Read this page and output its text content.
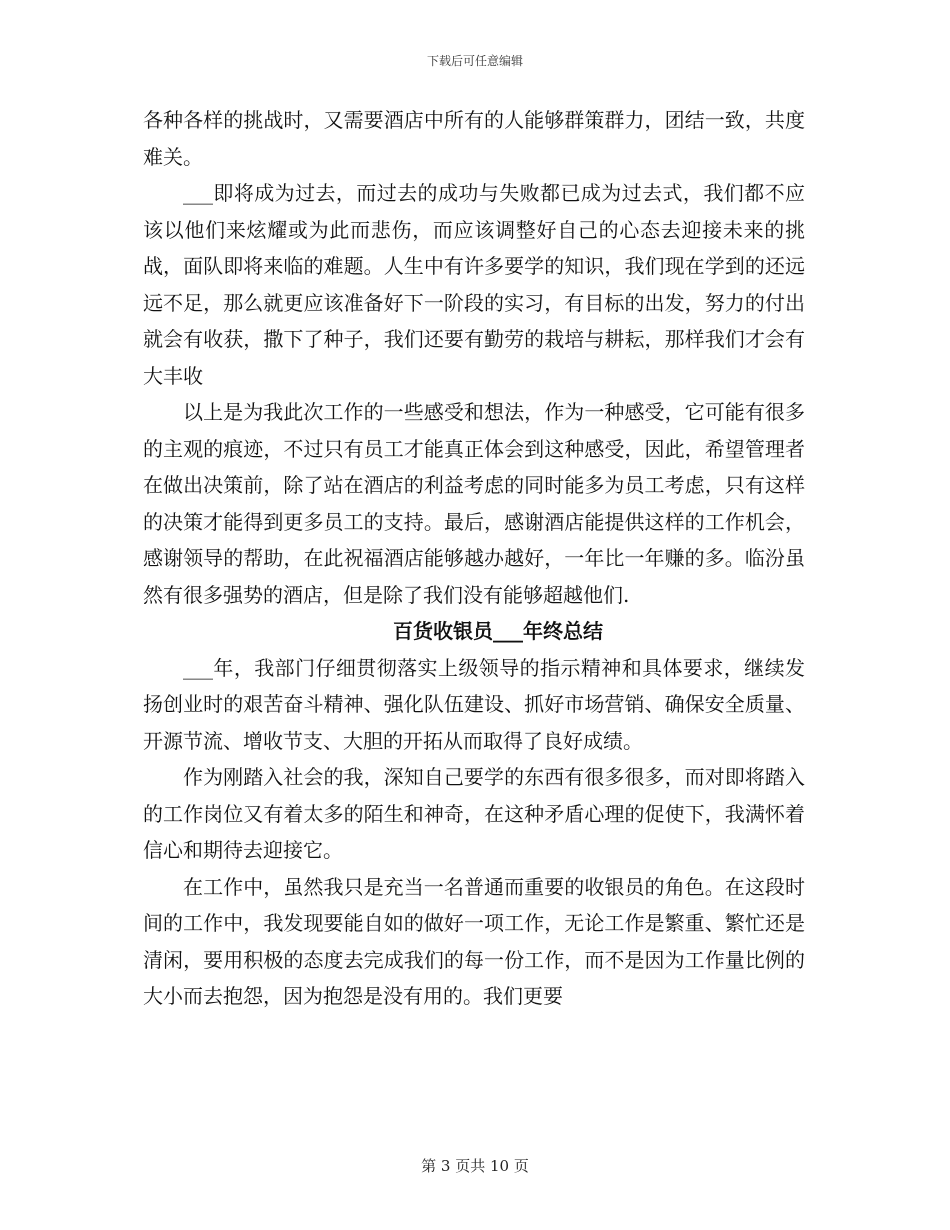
下载后可任意编辑

各种各样的挑战时，又需要酒店中所有的人能够群策群力，团结一致，共度难关。

___即将成为过去，而过去的成功与失败都已成为过去式，我们都不应该以他们来炫耀或为此而悲伤，而应该调整好自己的心态去迎接未来的挑战，面队即将来临的难题。人生中有许多要学的知识，我们现在学到的还远远不足，那么就更应该准备好下一阶段的实习，有目标的出发，努力的付出就会有收获，撒下了种子，我们还要有勤劳的栽培与耕耘，那样我们才会有大丰收

以上是为我此次工作的一些感受和想法，作为一种感受，它可能有很多的主观的痕迹，不过只有员工才能真正体会到这种感受，因此，希望管理者在做出决策前，除了站在酒店的利益考虑的同时能多为员工考虑，只有这样的决策才能得到更多员工的支持。最后，感谢酒店能提供这样的工作机会，感谢领导的帮助，在此祝福酒店能够越办越好，一年比一年赚的多。临汾虽然有很多强势的酒店，但是除了我们没有能够超越他们.

百货收银员___年终总结

___年，我部门仔细贯彻落实上级领导的指示精神和具体要求，继续发扬创业时的艰苦奋斗精神、强化队伍建设、抓好市场营销、确保安全质量、开源节流、增收节支、大胆的开拓从而取得了良好成绩。

作为刚踏入社会的我，深知自己要学的东西有很多很多，而对即将踏入的工作岗位又有着太多的陌生和神奇，在这种矛盾心理的促使下，我满怀着信心和期待去迎接它。

在工作中，虽然我只是充当一名普通而重要的收银员的角色。在这段时间的工作中，我发现要能自如的做好一项工作，无论工作是繁重、繁忙还是清闲，要用积极的态度去完成我们的每一份工作，而不是因为工作量比例的大小而去抱怨，因为抱怨是没有用的。我们更要

第 3 页共 10 页
